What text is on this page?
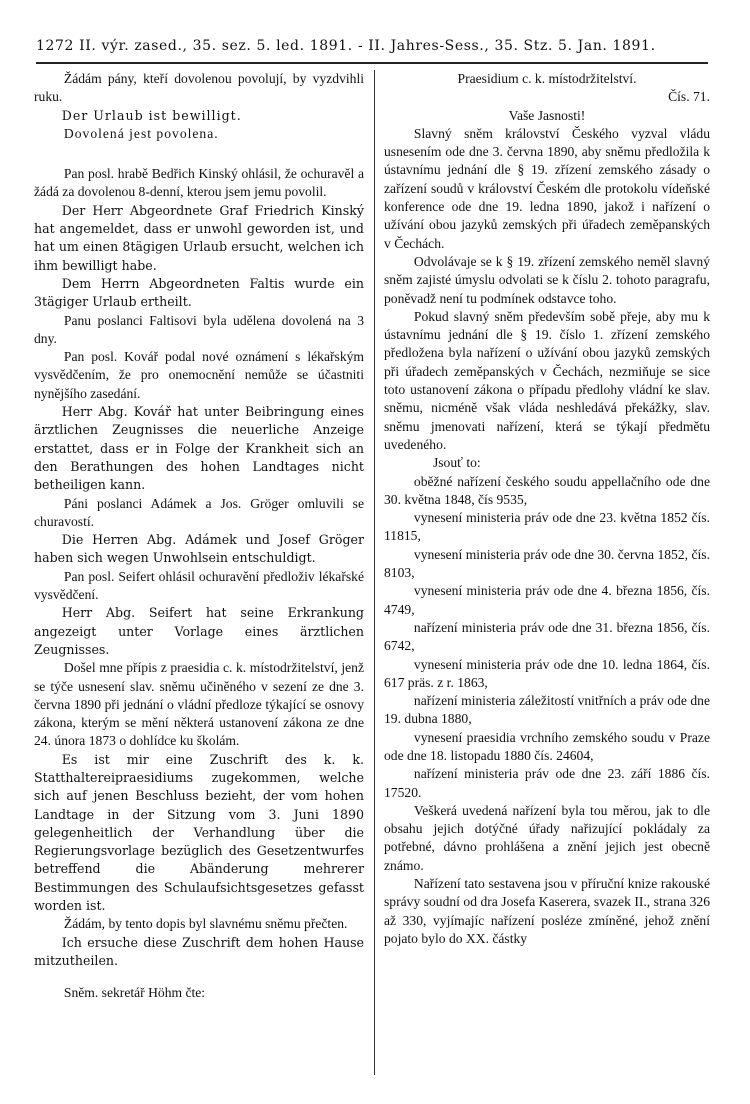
1272 II. výr. zased., 35. sez. 5. led. 1891. - II. Jahres-Sess., 35. Stz. 5. Jan. 1891.

Žádám pány, kteří dovolenou povolují, by vyzdvihli ruku.

Der Urlaub ist bewilligt.

Dovolená jest povolena.

Pan posl. hrabě Bedřich Kinský ohlásil, že ochuravěl a žádá za dovolenou 8-denní, kterou jsem jemu povolil.

Der Herr Abgeordnete Graf Friedrich Kinský hat angemeldet, dass er unwohl geworden ist, und hat um einen 8tägigen Urlaub ersucht, welchen ich ihm bewilligt habe.

Dem Herrn Abgeordneten Faltis wurde ein 3tägiger Urlaub ertheilt.

Panu poslanci Faltisovi byla udělena dovolená na 3 dny.

Pan posl. Kovář podal nové oznámení s lékařským vysvědčením, že pro onemocnění nemůže se účastniti nynějšího zasedání.

Herr Abg. Kovář hat unter Beibringung eines ärztlichen Zeugnisses die neuerliche Anzeige erstattet, dass er in Folge der Krankheit sich an den Berathungen des hohen Landtages nicht betheiligen kann.

Páni poslanci Adámek a Jos. Gröger omluvili se churavostí.

Die Herren Abg. Adámek und Josef Gröger haben sich wegen Unwohlsein entschuldigt.

Pan posl. Seifert ohlásil ochuravění předloživ lékařské vysvědčení.

Herr Abg. Seifert hat seine Erkrankung angezeigt unter Vorlage eines ärztlichen Zeugnisses.

Došel mne přípis z praesidia c. k. místodržitelství, jenž se týče usnesení slav. sněmu učiněného v sezení ze dne 3. června 1890 při jednání o vládní předloze týkající se osnovy zákona, kterým se mění některá ustanovení zákona ze dne 24. února 1873 o dohlídce ku školám.

Es ist mir eine Zuschrift des k. k. Statthaltereipraesidiums zugekommen, welche sich auf jenen Beschluss bezieht, der vom hohen Landtage in der Sitzung vom 3. Juni 1890 gelegenheitlich der Verhandlung über die Regierungsvorlage bezüglich des Gesetzentwurfes betreffend die Abänderung mehrerer Bestimmungen des Schulaufsichtsgesetzes gefasst worden ist.

Žádám, by tento dopis byl slavnému sněmu přečten.

Ich ersuche diese Zuschrift dem hohen Hause mitzutheilen.

Sněm. sekretář Höhm čte:

Praesidium c. k. místodržitelství.

Čís. 71.

Vaše Jasnosti!

Slavný sněm království Českého vyzval vládu usnesením ode dne 3. června 1890, aby sněmu předložila k ústavnímu jednání dle § 19. zřízení zemského zásady o zařízení soudů v království Českém dle protokolu vídeňské konference ode dne 19. ledna 1890, jakož i nařízení o užívání obou jazyků zemských při úřadech zeměpanských v Čechách.

Odvolávaje se k § 19. zřízení zemského neměl slavný sněm zajisté úmyslu odvolati se k číslu 2. tohoto paragrafu, poněvadž není tu podmínek odstavce toho.

Pokud slavný sněm především sobě přeje, aby mu k ústavnímu jednání dle § 19. číslo 1. zřízení zemského předložena byla nařízení o užívání obou jazyků zemských při úřadech zeměpanských v Čechách, nezmiňuje se sice toto ustanovení zákona o případu předlohy vládní ke slav. sněmu, nicméně však vláda neshledává překážky, slav. sněmu jmenovati nařízení, která se týkají předmětu uvedeného.

Jsouť to:

oběžné nařízení českého soudu appellačního ode dne 30. května 1848, čís 9535,

vynesení ministeria práv ode dne 23. května 1852 čís. 11815,

vynesení ministeria práv ode dne 30. června 1852, čís. 8103,

vynesení ministeria práv ode dne 4. března 1856, čís. 4749,

nařízení ministeria práv ode dne 31. března 1856, čís. 6742,

vynesení ministeria práv ode dne 10. ledna 1864, čís. 617 präs. z r. 1863,

nařízení ministeria záležitostí vnitřních a práv ode dne 19. dubna 1880,

vynesení praesidia vrchního zemského soudu v Praze ode dne 18. listopadu 1880 čís. 24604,

nařízení ministeria práv ode dne 23. září 1886 čís. 17520.

Veškerá uvedená nařízení byla tou měrou, jak to dle obsahu jejich dotýčné úřady nařizující pokládaly za potřebné, dávno prohlášena a znění jejich jest obecně známo.

Nařízení tato sestavena jsou v příruční knize rakouské správy soudní od dra Josefa Kaserera, svazek II., strana 326 až 330, vyjímajíc nařízení posléze zmíněné, jehož znění pojato bylo do XX. částky
